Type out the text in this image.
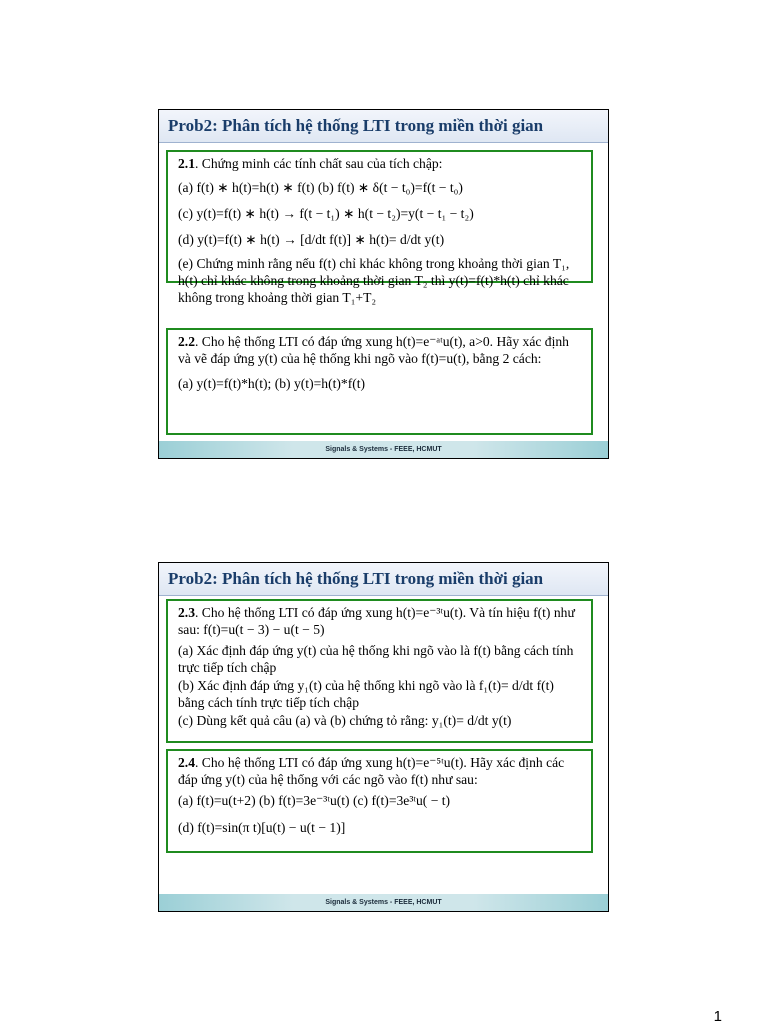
Prob2: Phân tích hệ thống LTI trong miền thời gian
2.1. Chứng minh các tính chất sau của tích chập:
(a) f(t) ∗ h(t)=h(t) ∗ f(t) (b) f(t) ∗ δ(t − t₀)=f(t − t₀)
(c) y(t)=f(t) ∗ h(t) → f(t − t₁) ∗ h(t − t₂)=y(t − t₁ − t₂)
(d) y(t)=f(t) ∗ h(t) → [d/dt f(t)] ∗ h(t)= d/dt y(t)
(e) Chứng minh rằng nếu f(t) chỉ khác không trong khoảng thời gian T₁, h(t) chỉ khác không trong khoảng thời gian T₂ thì y(t)=f(t)*h(t) chỉ khác không trong khoảng thời gian T₁+T₂
2.2. Cho hệ thống LTI có đáp ứng xung h(t)=e⁻ᵃᵗu(t), a>0. Hãy xác định và vẽ đáp ứng y(t) của hệ thống khi ngõ vào f(t)=u(t), bằng 2 cách:
(a) y(t)=f(t)*h(t); (b) y(t)=h(t)*f(t)
Signals & Systems - FEEE, HCMUT
Prob2: Phân tích hệ thống LTI trong miền thời gian
2.3. Cho hệ thống LTI có đáp ứng xung h(t)=e⁻³ᵗu(t). Và tín hiệu f(t) như sau: f(t)=u(t − 3) − u(t − 5)
(a) Xác định đáp ứng y(t) của hệ thống khi ngõ vào là f(t) bằng cách tính trực tiếp tích chập
(b) Xác định đáp ứng y₁(t) của hệ thống khi ngõ vào là f₁(t)= d/dt f(t) bằng cách tính trực tiếp tích chập
(c) Dùng kết quả câu (a) và (b) chứng tỏ rằng: y₁(t)= d/dt y(t)
2.4. Cho hệ thống LTI có đáp ứng xung h(t)=e⁻⁵ᵗu(t). Hãy xác định các đáp ứng y(t) của hệ thống với các ngõ vào f(t) như sau:
(a) f(t)=u(t+2) (b) f(t)=3e⁻³ᵗu(t) (c) f(t)=3e³ᵗu( − t)
(d) f(t)=sin(π t)[u(t) − u(t − 1)]
Signals & Systems - FEEE, HCMUT
1
